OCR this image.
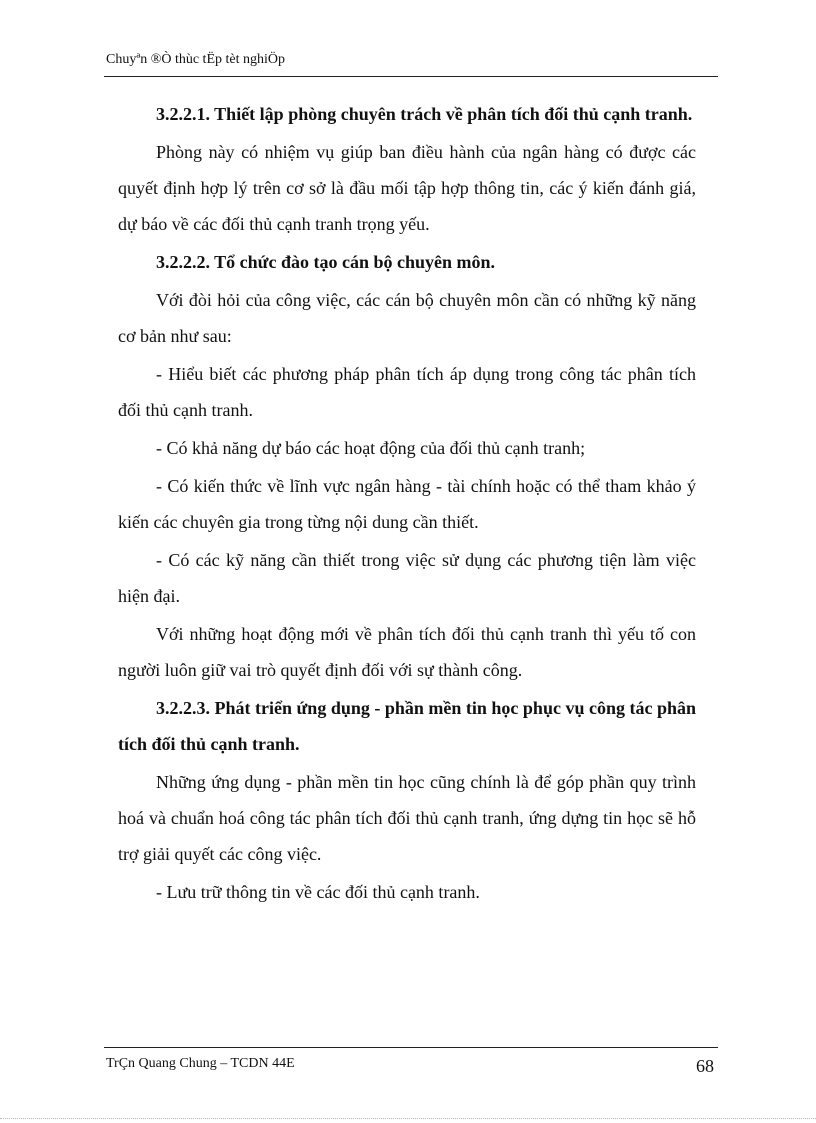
Chuyªn ®Ò thùc tËp tèt nghiÖp

3.2.2.1. Thiết lập phòng chuyên trách về phân tích đối thủ cạnh tranh.

Phòng này có nhiệm vụ giúp ban điều hành của ngân hàng có được các quyết định hợp lý trên cơ sở là đầu mối tập hợp thông tin, các ý kiến đánh giá, dự báo về các đối thủ cạnh tranh trọng yếu.

3.2.2.2. Tổ chức đào tạo cán bộ chuyên môn.

Với đòi hỏi của công việc, các cán bộ chuyên môn cần có những kỹ năng cơ bản như sau:

- Hiểu biết các phương pháp phân tích áp dụng trong công tác phân tích đối thủ cạnh tranh.

- Có khả năng dự báo các hoạt động của đối thủ cạnh tranh;

- Có kiến thức về lĩnh vực ngân hàng - tài chính hoặc có thể tham khảo ý kiến các chuyên gia trong từng nội dung cần thiết.

- Có các kỹ năng cần thiết trong việc sử dụng các phương tiện làm việc hiện đại.

Với những hoạt động mới về phân tích đối thủ cạnh tranh thì yếu tố con người luôn giữ vai trò quyết định đối với sự thành công.

3.2.2.3. Phát triển ứng dụng - phần mền tin học phục vụ công tác phân tích đối thủ cạnh tranh.

Những ứng dụng - phần mền tin học cũng chính là để góp phần quy trình hoá và chuẩn hoá công tác phân tích đối thủ cạnh tranh, ứng dựng tin học sẽ hỗ trợ giải quyết các công việc.

- Lưu trữ thông tin về các đối thủ cạnh tranh.

TrÇn Quang Chung – TCDN 44E	68
